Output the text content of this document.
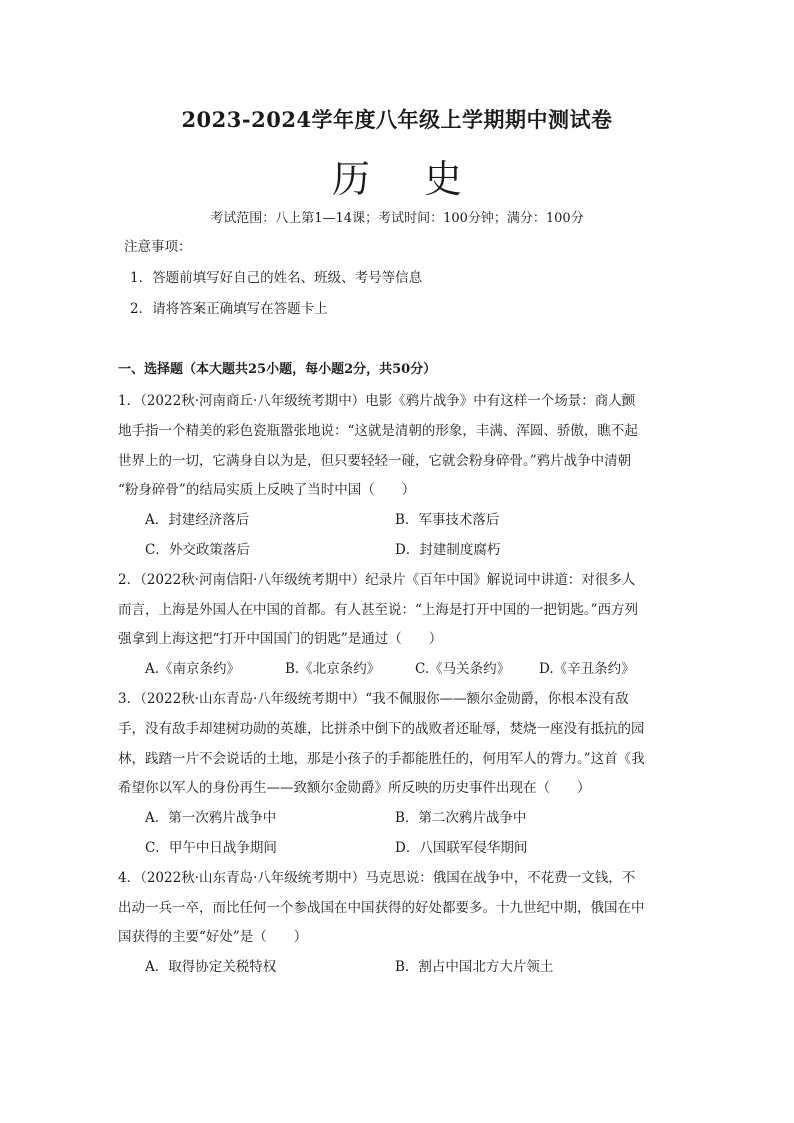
2023-2024学年度八年级上学期期中测试卷
历史
考试范围：八上第1—14课；考试时间：100分钟；满分：100分
注意事项：
1．答题前填写好自己的姓名、班级、考号等信息
2．请将答案正确填写在答题卡上
一、选择题（本大题共25小题，每小题2分，共50分）
1．（2022秋·河南商丘·八年级统考期中）电影《鸦片战争》中有这样一个场景：商人颤
地手指一个精美的彩色瓷瓶嚣张地说：“这就是清朝的形象，丰满、浑圆、骄傲，瞧不起
世界上的一切，它满身自以为是，但只要轻轻一碰，它就会粉身碎骨。”鸦片战争中清朝
“粉身碎骨”的结局实质上反映了当时中国（　　）
A．封建经济落后	B．军事技术落后
C．外交政策落后	D．封建制度腐朽
2．（2022秋·河南信阳·八年级统考期中）纪录片《百年中国》解说词中讲道：对很多人
而言，上海是外国人在中国的首都。有人甚至说：“上海是打开中国的一把钥匙。”西方列
强拿到上海这把“打开中国国门的钥匙”是通过（　　）
A.《南京条约》	B.《北京条约》	C.《马关条约》 D.《辛丑条约》
3．（2022秋·山东青岛·八年级统考期中）“我不佩服你——额尔金勋爵，你根本没有敌
手，没有敌手却建树功勋的英雄，比拼杀中倒下的战败者还耻辱，焚烧一座没有抵抗的园
林，践踏一片不会说话的土地，那是小孩子的手都能胜任的，何用军人的膂力。”这首《我
希望你以军人的身份再生——致额尔金勋爵》所反映的历史事件出现在（　　）
A．第一次鸦片战争中	B．第二次鸦片战争中
C．甲午中日战争期间	D．八国联军侵华期间
4．（2022秋·山东青岛·八年级统考期中）马克思说：俄国在战争中，不花费一文钱，不
出动一兵一卒，而比任何一个参战国在中国获得的好处都要多。十九世纪中期，俄国在中
国获得的主要“好处”是（　　）
A．取得协定关税特权	B．割占中国北方大片领土
